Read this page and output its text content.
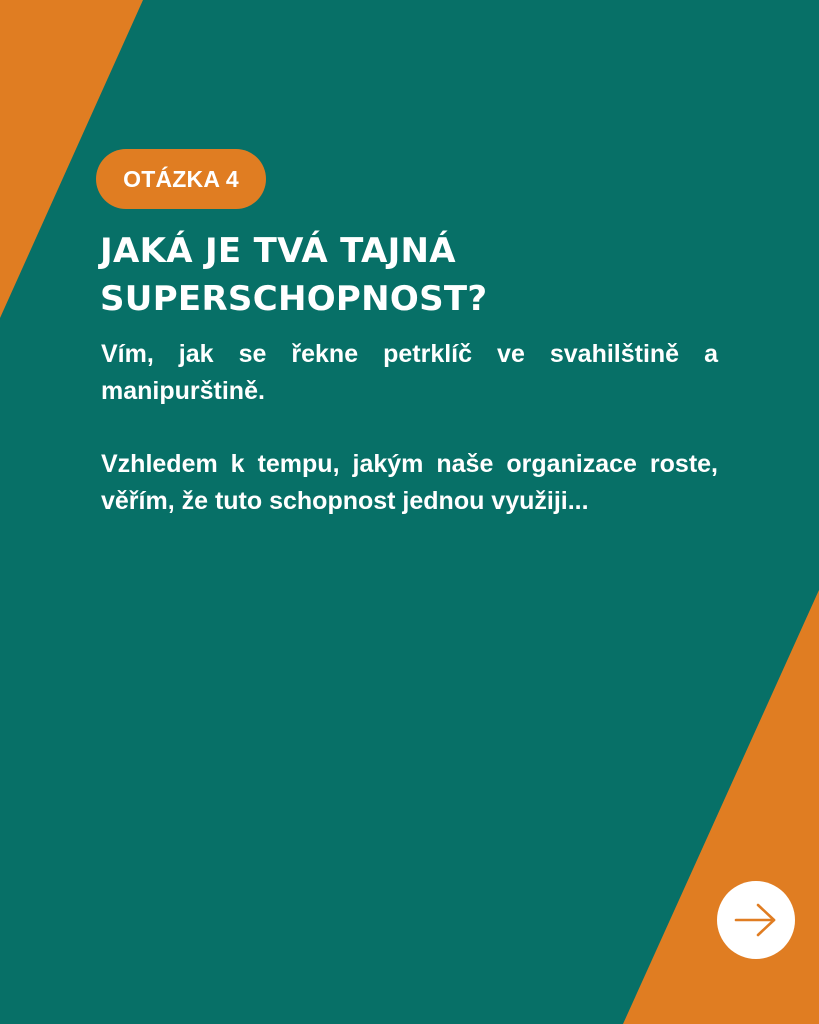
OTÁZKA 4
JAKÁ JE TVÁ TAJNÁ
SUPERSCHOPNOST?

Vím, jak se řekne petrklíč ve svahilštině a manipurštině.

Vzhledem k tempu, jakým naše organizace roste, věřím, že tuto schopnost jednou využiji...
